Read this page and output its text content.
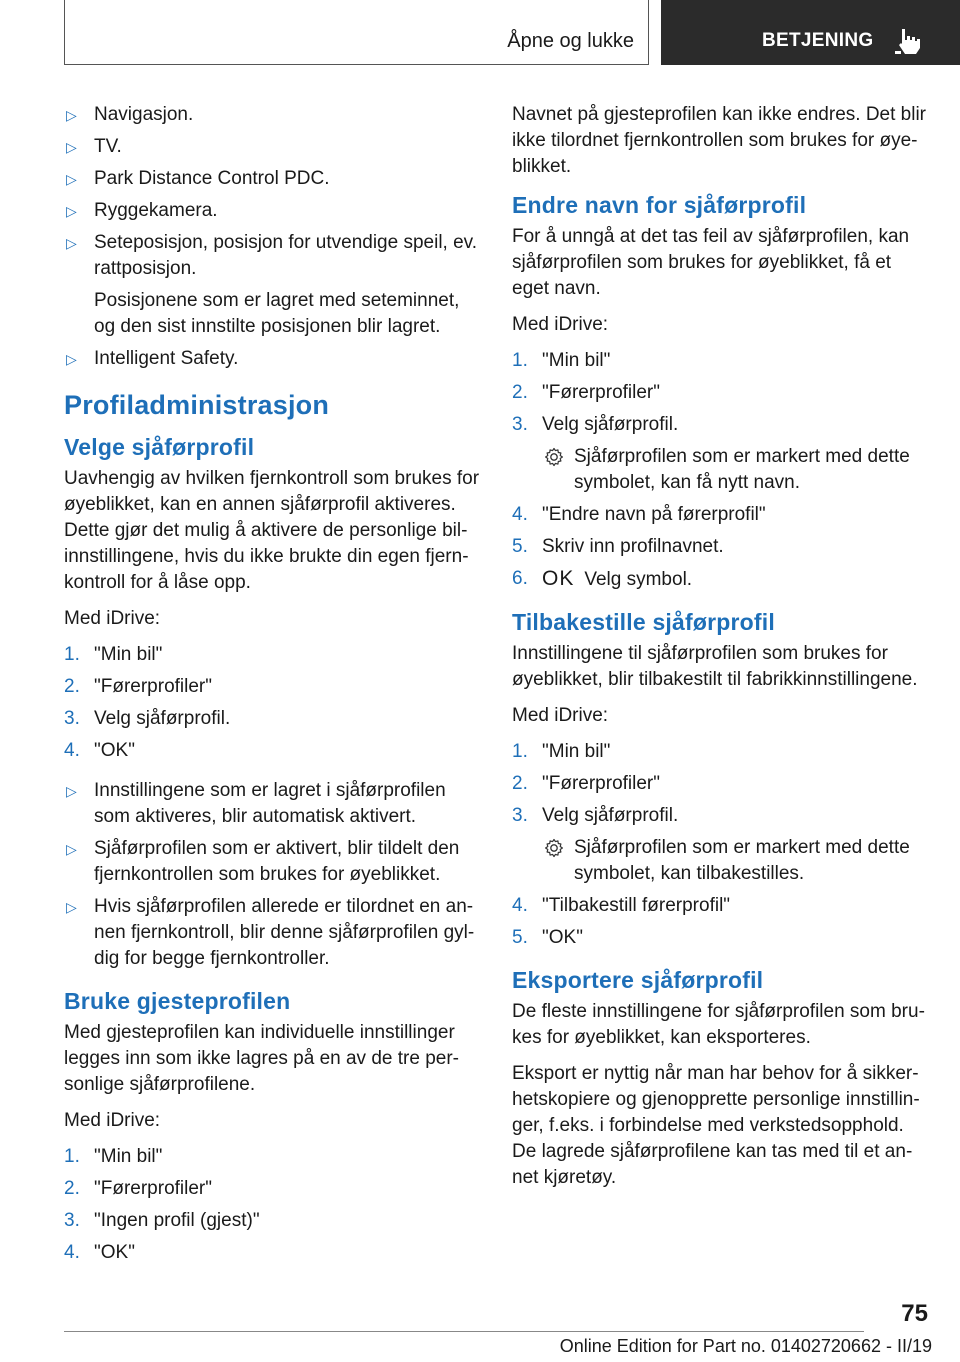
Åpne og lukke	BETJENING
▷ Navigasjon.
▷ TV.
▷ Park Distance Control PDC.
▷ Ryggekamera.
▷ Seteposisjon, posisjon for utvendige speil, ev. rattposisjon.
Posisjonene som er lagret med seteminnet, og den sist innstilte posisjonen blir lagret.
▷ Intelligent Safety.
Profiladministrasjon
Velge sjåførprofil

Uavhengig av hvilken fjernkontroll som brukes for øyeblikket, kan en annen sjåførprofil aktiveres. Dette gjør det mulig å aktivere de personlige bilinnstillingene, hvis du ikke brukte din egen fjernkontroll for å låse opp.

Med iDrive:

1. "Min bil"
2. "Førerprofiler"
3. Velg sjåførprofil.
4. "OK"
▷ Innstillingene som er lagret i sjåførprofilen som aktiveres, blir automatisk aktivert.
▷ Sjåførprofilen som er aktivert, blir tildelt den fjernkontrollen som brukes for øyeblikket.
▷ Hvis sjåførprofilen allerede er tilordnet en annen fjernkontroll, blir denne sjåførprofilen gyldig for begge fjernkontroller.
Bruke gjesteprofilen

Med gjesteprofilen kan individuelle innstillinger legges inn som ikke lagres på en av de tre personlige sjåførprofilene.

Med iDrive:

1. "Min bil"
2. "Førerprofiler"
3. "Ingen profil (gjest)"
4. "OK"

Navnet på gjesteprofilen kan ikke endres. Det blir ikke tilordnet fjernkontrollen som brukes for øyeblikket.

Endre navn for sjåførprofil

For å unngå at det tas feil av sjåførprofilen, kan sjåførprofilen som brukes for øyeblikket, få et eget navn.

Med iDrive:

1. "Min bil"
2. "Førerprofiler"
3. Velg sjåførprofil.
Sjåførprofilen som er markert med dette symbolet, kan få nytt navn.
4. "Endre navn på førerprofil"
5. Skriv inn profilnavnet.
6. OK Velg symbol.
Tilbakestille sjåførprofil

Innstillingene til sjåførprofilen som brukes for øyeblikket, blir tilbakestilt til fabrikkinnstillingene.

Med iDrive:

1. "Min bil"
2. "Førerprofiler"
3. Velg sjåførprofil.
Sjåførprofilen som er markert med dette symbolet, kan tilbakestilles.
4. "Tilbakestill førerprofil"
5. "OK"
Eksportere sjåførprofil

De fleste innstillingene for sjåførprofilen som brukes for øyeblikket, kan eksporteres.

Eksport er nyttig når man har behov for å sikkerhetskopiere og gjenopprette personlige innstillinger, f.eks. i forbindelse med verkstedsopphold. De lagrede sjåførprofilene kan tas med til et annet kjøretøy.

75
Online Edition for Part no. 01402720662 - II/19
